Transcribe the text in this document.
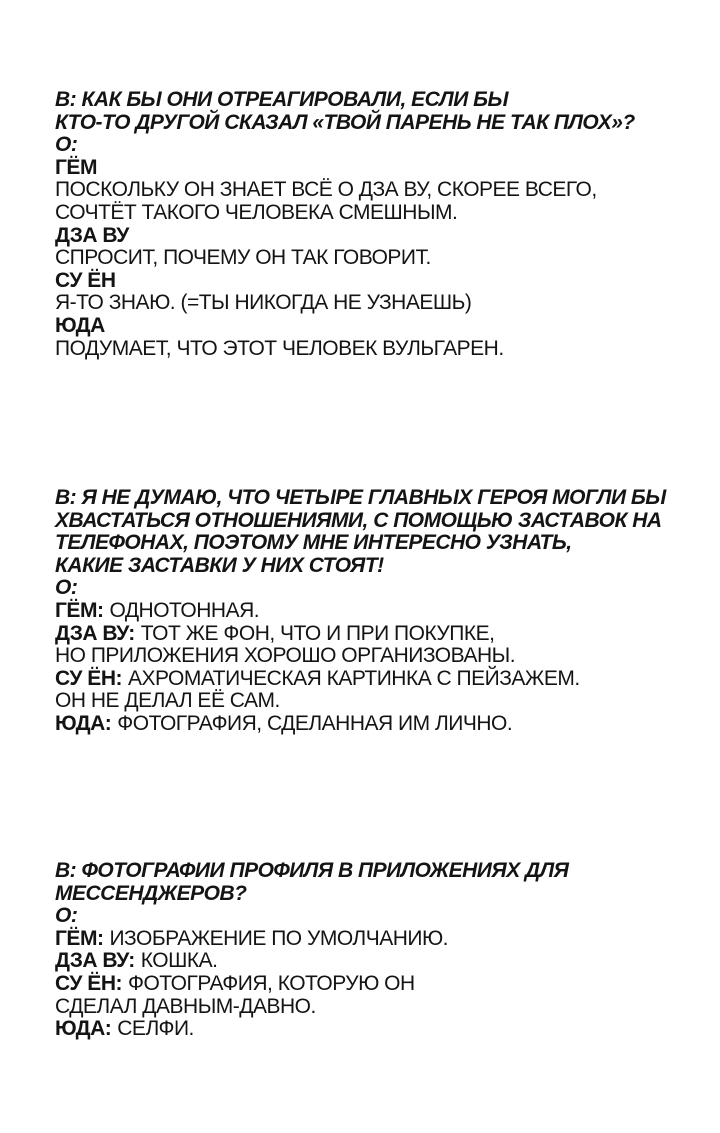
В: КАК БЫ ОНИ ОТРЕАГИРОВАЛИ, ЕСЛИ БЫ
КТО-ТО ДРУГОЙ СКАЗАЛ «ТВОЙ ПАРЕНЬ НЕ ТАК ПЛОХ»?
О:
ГЁМ
ПОСКОЛЬКУ ОН ЗНАЕТ ВСЁ О ДЗА ВУ, СКОРЕЕ ВСЕГО,
СОЧТЁТ ТАКОГО ЧЕЛОВЕКА СМЕШНЫМ.
ДЗА ВУ
СПРОСИТ, ПОЧЕМУ ОН ТАК ГОВОРИТ.
СУ ЁН
Я-ТО ЗНАЮ. (=ТЫ НИКОГДА НЕ УЗНАЕШЬ)
ЮДА
ПОДУМАЕТ, ЧТО ЭТОТ ЧЕЛОВЕК ВУЛЬГАРЕН.
В: Я НЕ ДУМАЮ, ЧТО ЧЕТЫРЕ ГЛАВНЫХ ГЕРОЯ МОГЛИ БЫ
ХВАСТАТЬСЯ ОТНОШЕНИЯМИ, С ПОМОЩЬЮ ЗАСТАВОК НА
ТЕЛЕФОНАХ, ПОЭТОМУ МНЕ ИНТЕРЕСНО УЗНАТЬ,
КАКИЕ ЗАСТАВКИ У НИХ СТОЯТ!
О:
ГЁМ: ОДНОТОННАЯ.
ДЗА ВУ: ТОТ ЖЕ ФОН, ЧТО И ПРИ ПОКУПКЕ,
НО ПРИЛОЖЕНИЯ ХОРОШО ОРГАНИЗОВАНЫ.
СУ ЁН: АХРОМАТИЧЕСКАЯ КАРТИНКА С ПЕЙЗАЖЕМ.
ОН НЕ ДЕЛАЛ ЕЁ САМ.
ЮДА: ФОТОГРАФИЯ, СДЕЛАННАЯ ИМ ЛИЧНО.
В: ФОТОГРАФИИ ПРОФИЛЯ В ПРИЛОЖЕНИЯХ ДЛЯ
МЕССЕНДЖЕРОВ?
О:
ГЁМ: ИЗОБРАЖЕНИЕ ПО УМОЛЧАНИЮ.
ДЗА ВУ: КОШКА.
СУ ЁН: ФОТОГРАФИЯ, КОТОРУЮ ОН
СДЕЛАЛ ДАВНЫМ-ДАВНО.
ЮДА: СЕЛФИ.
